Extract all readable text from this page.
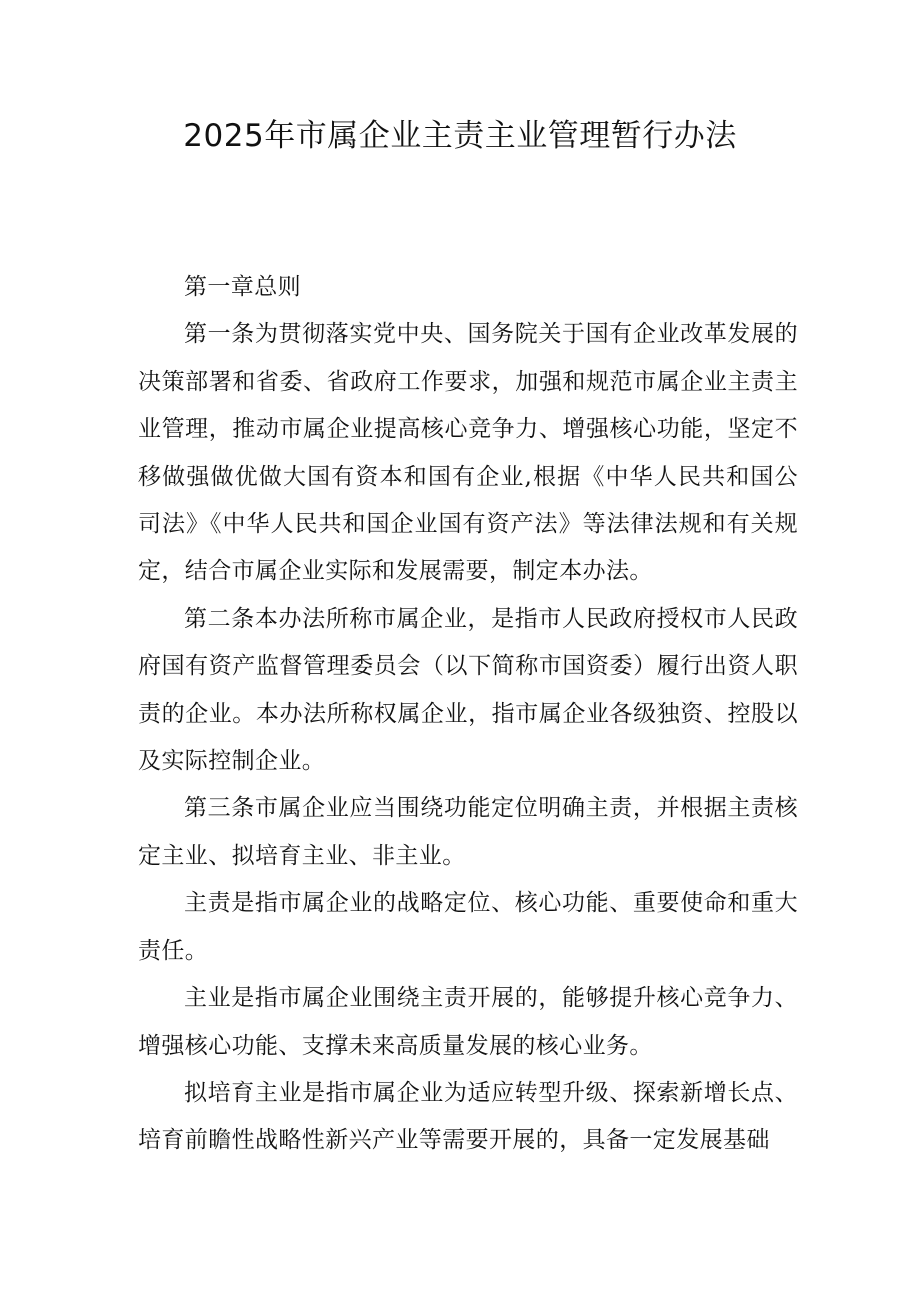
2025年市属企业主责主业管理暂行办法

第一章总则

第一条为贯彻落实党中央、国务院关于国有企业改革发展的决策部署和省委、省政府工作要求，加强和规范市属企业主责主业管理，推动市属企业提高核心竞争力、增强核心功能，坚定不移做强做优做大国有资本和国有企业,根据《中华人民共和国公司法》《中华人民共和国企业国有资产法》等法律法规和有关规定，结合市属企业实际和发展需要，制定本办法。

第二条本办法所称市属企业，是指市人民政府授权市人民政府国有资产监督管理委员会（以下简称市国资委）履行出资人职责的企业。本办法所称权属企业，指市属企业各级独资、控股以及实际控制企业。

第三条市属企业应当围绕功能定位明确主责，并根据主责核定主业、拟培育主业、非主业。

主责是指市属企业的战略定位、核心功能、重要使命和重大责任。

主业是指市属企业围绕主责开展的，能够提升核心竞争力、增强核心功能、支撑未来高质量发展的核心业务。

拟培育主业是指市属企业为适应转型升级、探索新增长点、培育前瞻性战略性新兴产业等需要开展的，具备一定发展基础
